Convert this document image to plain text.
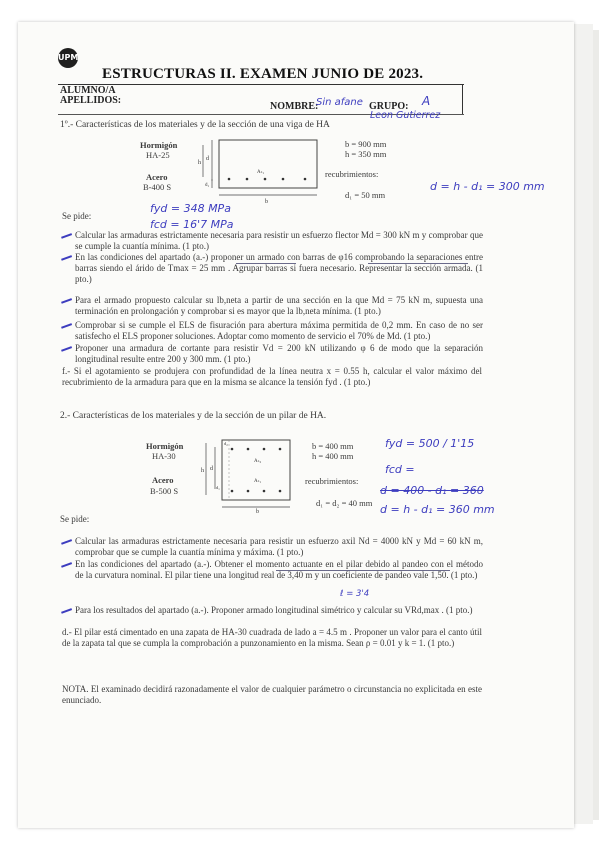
UPM
ESTRUCTURAS II. EXAMEN JUNIO DE 2023.
ALUMNO/A
APELLIDOS:
NOMBRE:	GRUPO:
Sin afane	A
Leon Gutierrez
1º.- Características de los materiales y de la sección de una viga de HA
Hormigón
HA-25
Acero
B-400 S
h
d
d₁
Aₛ₁
b
b = 900 mm
h = 350 mm
recubrimientos:
d₁ = 50 mm
d = h - d₁ = 300 mm
Se pide:
fyd = 348 MPa
fcd = 16'7 MPa
Calcular las armaduras estrictamente necesaria para resistir un esfuerzo flector Md = 300 kN m y comprobar que se cumple la cuantía mínima. (1 pto.)
En las condiciones del apartado (a.-) proponer un armado con barras de φ16 comprobando la separaciones entre barras siendo el árido de Tmax = 25 mm . Agrupar barras si fuera necesario. Representar la sección armada. (1 pto.)
Para el armado propuesto calcular su lb,neta a partir de una sección en la que Md = 75 kN m, supuesta una terminación en prolongación y comprobar si es mayor que la lb,neta mínima. (1 pto.)
Comprobar si se cumple el ELS de fisuración para abertura máxima permitida de 0,2 mm. En caso de no ser satisfecho el ELS proponer soluciones. Adoptar como momento de servicio el 70% de Md. (1 pto.)
Proponer una armadura de cortante para resistir Vd = 200 kN utilizando φ 6 de modo que la separación longitudinal resulte entre 200 y 300 mm. (1 pto.)
f.- Si el agotamiento se produjera con profundidad de la línea neutra x = 0.55 h, calcular el valor máximo del recubrimiento de la armadura para que en la misma se alcance la tensión fyd . (1 pto.)
2.- Características de los materiales y de la sección de un pilar de HA.
Hormigón
HA-30
Acero
B-500 S
h d
d₂
d₁
Aₛ₂
Aₛ₁
b
b = 400 mm
h = 400 mm
recubrimientos:
d₁ = d₂ = 40 mm
fyd = 500 / 1'15
fcd =
d = 400 - d₁ = 360
d = h - d₁ = 360 mm
Se pide:
Calcular las armaduras estrictamente necesaria para resistir un esfuerzo axil Nd = 4000 kN y Md = 60 kN m, comprobar que se cumple la cuantía mínima y máxima. (1 pto.)
En las condiciones del apartado (a.-). Obtener el momento actuante en el pilar debido al pandeo con el método de la curvatura nominal. El pilar tiene una longitud real de 3,40 m y un coeficiente de pandeo vale 1,50. (1 pto.)
ℓ = 3'4
Para los resultados del apartado (a.-). Proponer armado longitudinal simétrico y calcular su VRd,max . (1 pto.)
d.- El pilar está cimentado en una zapata de HA-30 cuadrada de lado a = 4.5 m . Proponer un valor para el canto útil de la zapata tal que se cumpla la comprobación a punzonamiento en la misma. Sean ρ = 0.01 y k = 1. (1 pto.)
NOTA. El examinado decidirá razonadamente el valor de cualquier parámetro o circunstancia no explicitada en este enunciado.
